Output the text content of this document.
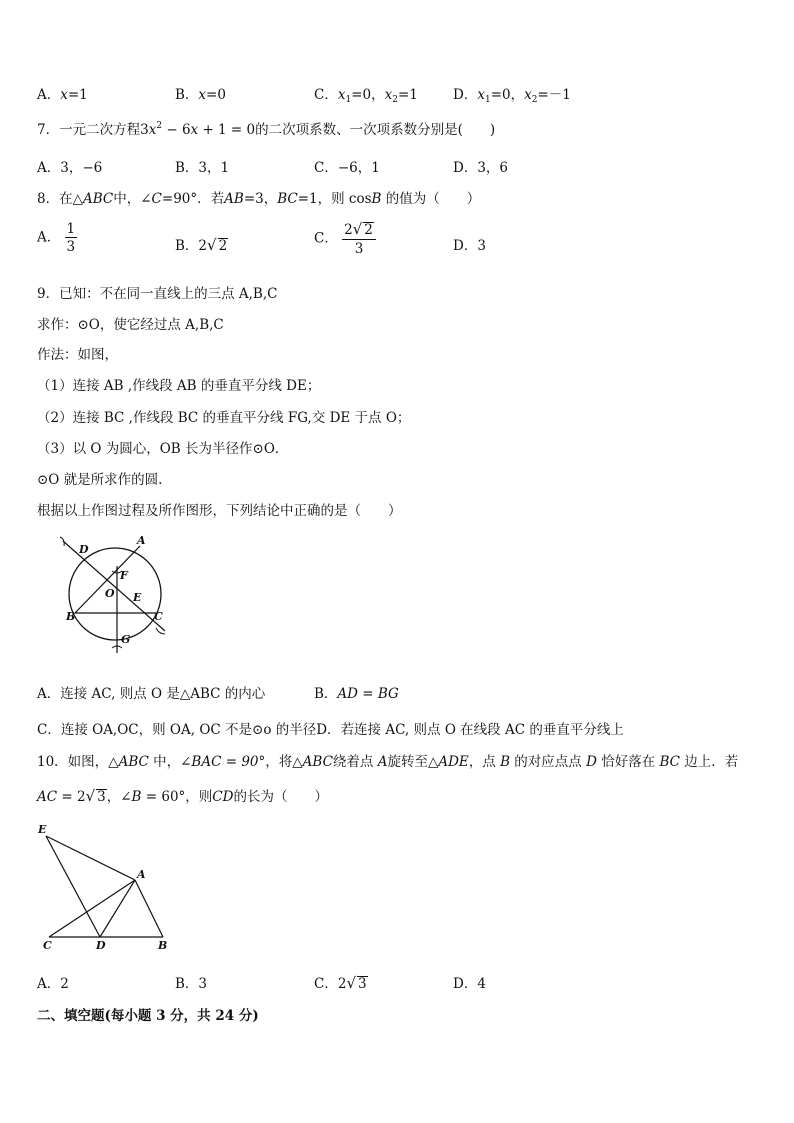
A．x=1	B．x=0	C．$x_1=0$，$x_2=1$	D．$x_1=0$，$x_2=-1$
7．一元二次方程$3x^2 - 6x + 1 = 0$的二次项系数、一次项系数分别是(　　)
A．3，−6	B．3，1	C．−6，1	D．3，6
8．在△ABC中，∠C=90°．若AB=3，BC=1，则 cosB 的值为（　　）
A． $\frac{1}{3}$	B．2√ 2	C． $\frac{2√ 2}{3}$	D．3
9．已知：不在同一直线上的三点 A,B,C
求作：⊙O，使它经过点 A,B,C
作法：如图，
（1）连接 AB ,作线段 AB 的垂直平分线 DE；
（2）连接 BC ,作线段 BC 的垂直平分线 FG,交 DE 于点 O；
（3）以 O 为圆心，OB 长为半径作⊙O．
⊙O 就是所求作的圆.
根据以上作图过程及所作图形，下列结论中正确的是（　　）
D
A
F
O E
B	C
G
A．连接 AC, 则点 O 是△ABC 的内心	B．AD = BG
C．连接 OA,OC，则 OA, OC 不是⊙o 的半径D．若连接 AC, 则点 O 在线段 AC 的垂直平分线上
10．如图，△ABC 中，∠BAC = 90°，将△ABC绕着点 A旋转至△ADE，点 B 的对应点点 D 恰好落在 BC 边上．若
AC = 2√ 3，∠B = 60°，则CD的长为（　　）
E
A
C	D	B
A．2	B．3	C．2√ 3	D．4
二、填空题(每小题 3 分，共 24 分)
